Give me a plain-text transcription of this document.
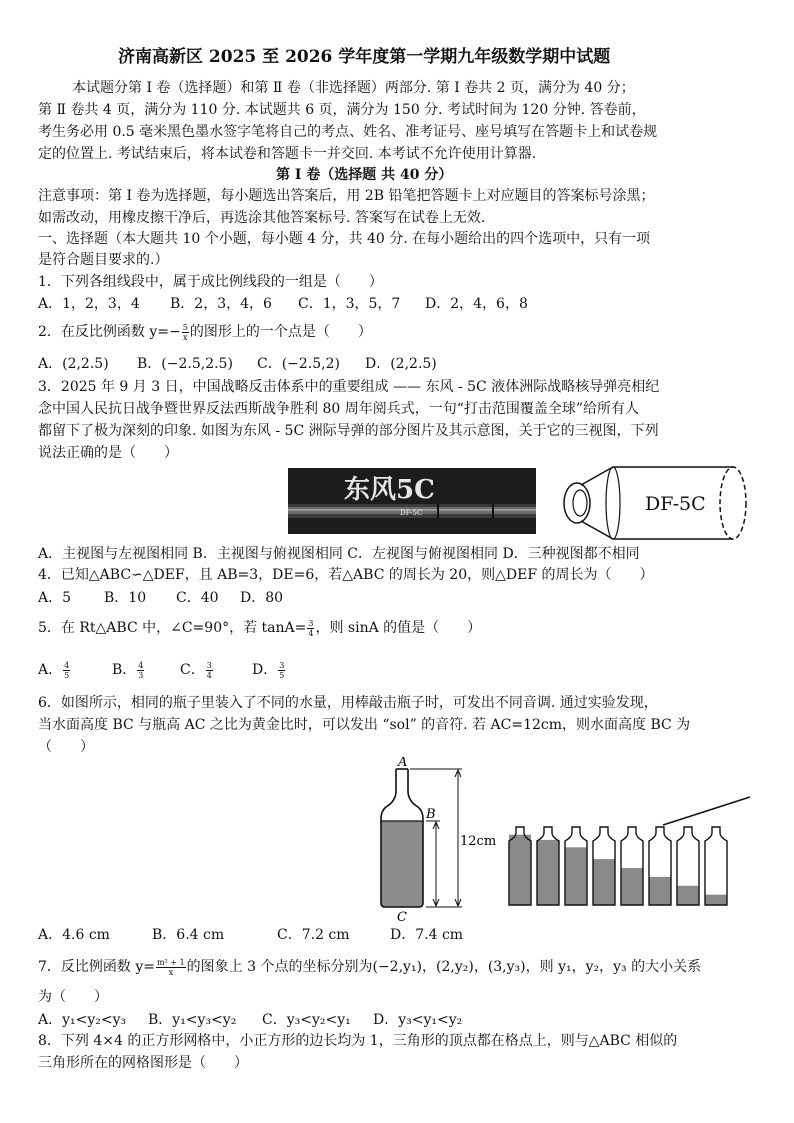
济南高新区 2025 至 2026 学年度第一学期九年级数学期中试题
本试题分第 Ⅰ 卷（选择题）和第 Ⅱ 卷（非选择题）两部分. 第 Ⅰ 卷共 2 页，满分为 40 分；
第 Ⅱ 卷共 4 页，满分为 110 分. 本试题共 6 页，满分为 150 分. 考试时间为 120 分钟. 答卷前，
考生务必用 0.5 毫米黑色墨水签字笔将自己的考点、姓名、准考证号、座号填写在答题卡上和试卷规
定的位置上. 考试结束后，将本试卷和答题卡一并交回. 本考试不允许使用计算器.
第 Ⅰ 卷（选择题 共 40 分）
注意事项：第 Ⅰ 卷为选择题，每小题选出答案后，用 2B 铅笔把答题卡上对应题目的答案标号涂黑；
如需改动，用橡皮擦干净后，再选涂其他答案标号. 答案写在试卷上无效.
一、选择题（本大题共 10 个小题，每小题 4 分，共 40 分. 在每小题给出的四个选项中，只有一项
是符合题目要求的.）
1．下列各组线段中，属于成比例线段的一组是（　　）
A．1，2，3，4 B．2，3，4，6 C．1，3，5，7 D．2，4，6，8
2．在反比例函数 $y=- \frac{5}{x}$ 的图形上的一个点是（　　）
A．(2,2.5) B．(−2.5,2.5) C．(−2.5,2) D．(2,2.5)
3．2025 年 9 月 3 日，中国战略反击体系中的重要组成 —— 东风 - 5C 液体洲际战略核导弹亮相纪
念中国人民抗日战争暨世界反法西斯战争胜利 80 周年阅兵式，一句“打击范围覆盖全球”给所有人
都留下了极为深刻的印象. 如图为东风 - 5C 洲际导弹的部分图片及其示意图，关于它的三视图，下列
说法正确的是（　　）
东风5C
DF-5C	DF-5C
A．主视图与左视图相同 B．主视图与俯视图相同 C．左视图与俯视图相同 D．三种视图都不相同
4．已知△ABC∽△DEF，且 AB=3，DE=6，若△ABC 的周长为 20，则△DEF 的周长为（　　）
A．5 B．10 C．40 D．80
5．在 Rt△ABC 中，∠C=90°，若 $\tan A= \frac{3}{4}$ ，则 sinA 的值是（　　）
A． $\frac{4}{5}$	B． $\frac{4}{3}$	C． $\frac{3}{4}$	D． $\frac{3}{5}$
6．如图所示，相同的瓶子里装入了不同的水量，用棒敲击瓶子时，可发出不同音调. 通过实验发现，
当水面高度 BC 与瓶高 AC 之比为黄金比时，可以发出 “sol” 的音符. 若 AC=12cm，则水面高度 BC 为
（　　）
A
B
C
12cm
A．4.6 cm	B．6.4 cm	C．7.2 cm	D．7.4 cm
7．反比例函数 $y= \frac{\text{m² + 1}}{x}$ 的图象上 3 个点的坐标分别为(−2,y₁)，(2,y₂)，(3,y₃)，则 y₁，y₂，y₃ 的大小关系
为（　　）
A．y₁<y₂<y₃ B．y₁<y₃<y₂ C．y₃<y₂<y₁ D．y₃<y₁<y₂
8．下列 4×4 的正方形网格中，小正方形的边长均为 1，三角形的顶点都在格点上，则与△ABC 相似的
三角形所在的网格图形是（　　）
